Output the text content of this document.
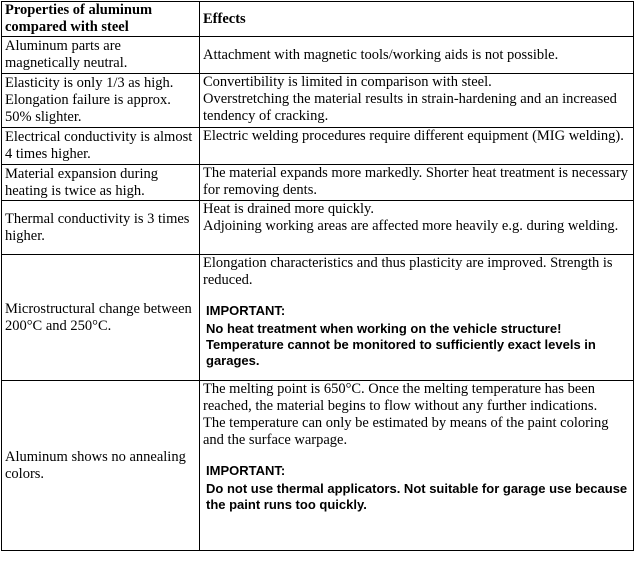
Properties of aluminum compared with steel	Effects
Aluminum parts are magnetically neutral.	Attachment with magnetic tools/working aids is not possible.

Elasticity is only 1/3 as high. Elongation failure is approx. 50% slighter.	Convertibility is limited in comparison with steel.
Overstretching the material results in strain-hardening and an increased tendency of cracking.

Electrical conductivity is almost 4 times higher.	Electric welding procedures require different equipment (MIG welding).

Material expansion during heating is twice as high.	The material expands more markedly. Shorter heat treatment is necessary for removing dents.

Thermal conductivity is 3 times higher.	Heat is drained more quickly.
Adjoining working areas are affected more heavily e.g. during welding.

Microstructural change between 200°C and 250°C.	Elongation characteristics and thus plasticity are improved. Strength is reduced.
IMPORTANT:
No heat treatment when working on the vehicle structure! Temperature cannot be monitored to sufficiently exact levels in garages.

Aluminum shows no annealing colors.	The melting point is 650°C. Once the melting temperature has been reached, the material begins to flow without any further indications.
The temperature can only be estimated by means of the paint coloring and the surface warpage.
IMPORTANT:
Do not use thermal applicators. Not suitable for garage use because the paint runs too quickly.
